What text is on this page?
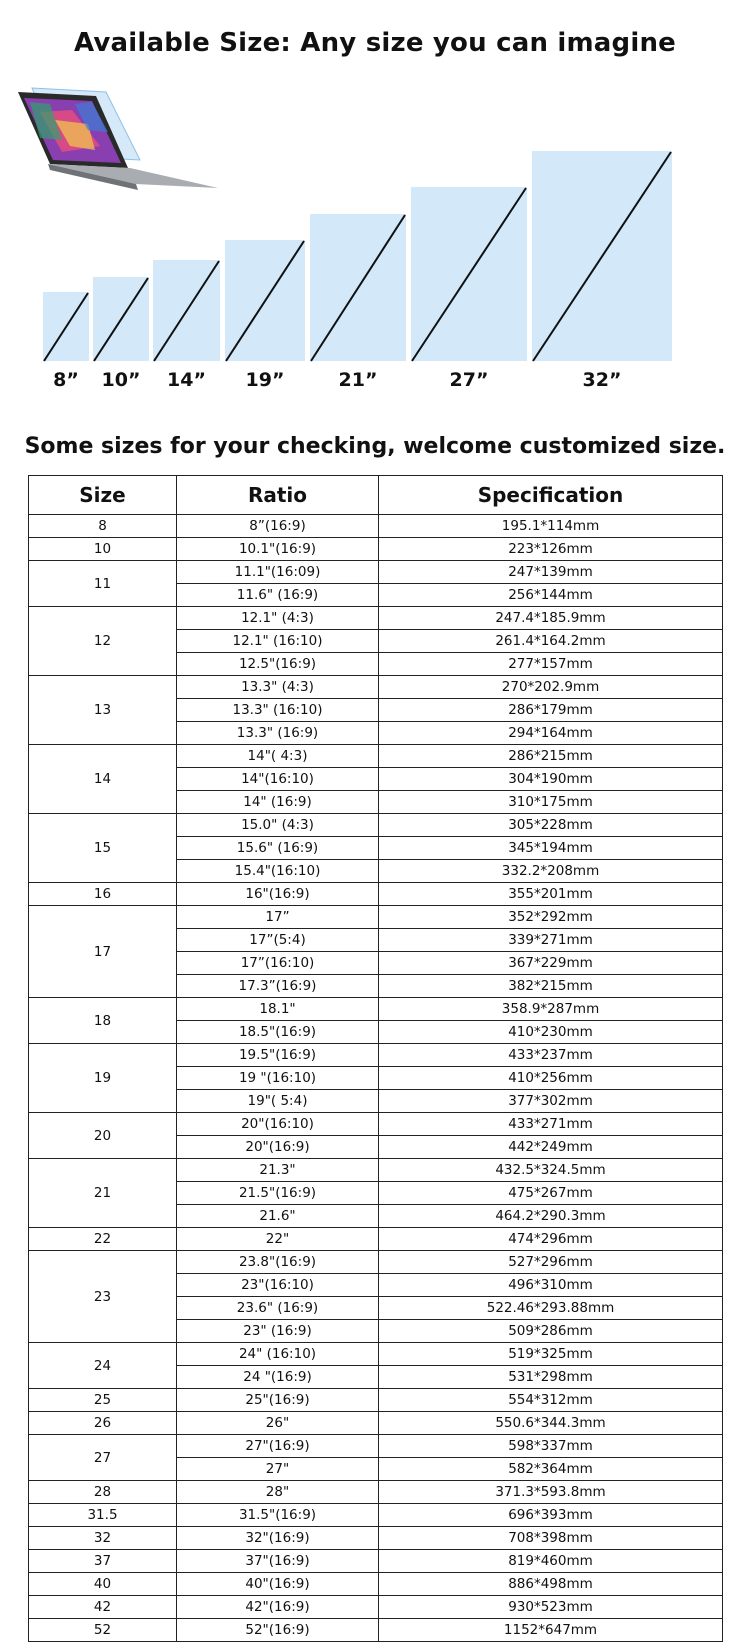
Available Size: Any size you can imagine
8” 10” 14” 19”	21”	27”	32”
Some sizes for your checking, welcome customized size.
Size	Ratio	Specification
8	8”(16:9)	195.1*114mm
10	10.1"(16:9)	223*126mm
11	11.1"(16:09)	247*139mm
	11.6" (16:9)	256*144mm
12	12.1" (4:3)	247.4*185.9mm
	12.1" (16:10)	261.4*164.2mm
	12.5"(16:9)	277*157mm
13	13.3" (4:3)	270*202.9mm
	13.3" (16:10)	286*179mm
	13.3" (16:9)	294*164mm
14	14"( 4:3)	286*215mm
	14"(16:10)	304*190mm
	14" (16:9)	310*175mm
15	15.0" (4:3)	305*228mm
	15.6" (16:9)	345*194mm
	15.4"(16:10)	332.2*208mm
16	16"(16:9)	355*201mm
17	17”	352*292mm
	17”(5:4)	339*271mm
	17”(16:10)	367*229mm
	17.3”(16:9)	382*215mm
18	18.1"	358.9*287mm
	18.5"(16:9)	410*230mm
19	19.5"(16:9)	433*237mm
	19 "(16:10)	410*256mm
	19"( 5:4)	377*302mm
20	20"(16:10)	433*271mm
	20"(16:9)	442*249mm
21	21.3"	432.5*324.5mm
	21.5"(16:9)	475*267mm
	21.6"	464.2*290.3mm
22	22"	474*296mm
23	23.8"(16:9)	527*296mm
	23"(16:10)	496*310mm
	23.6" (16:9)	522.46*293.88mm
	23" (16:9)	509*286mm
24	24" (16:10)	519*325mm
	24 "(16:9)	531*298mm
25	25"(16:9)	554*312mm
26	26"	550.6*344.3mm
27	27"(16:9)	598*337mm
	27"	582*364mm
28	28"	371.3*593.8mm
31.5	31.5"(16:9)	696*393mm
32	32"(16:9)	708*398mm
37	37"(16:9)	819*460mm
40	40"(16:9)	886*498mm
42	42"(16:9)	930*523mm
52	52"(16:9)	1152*647mm
